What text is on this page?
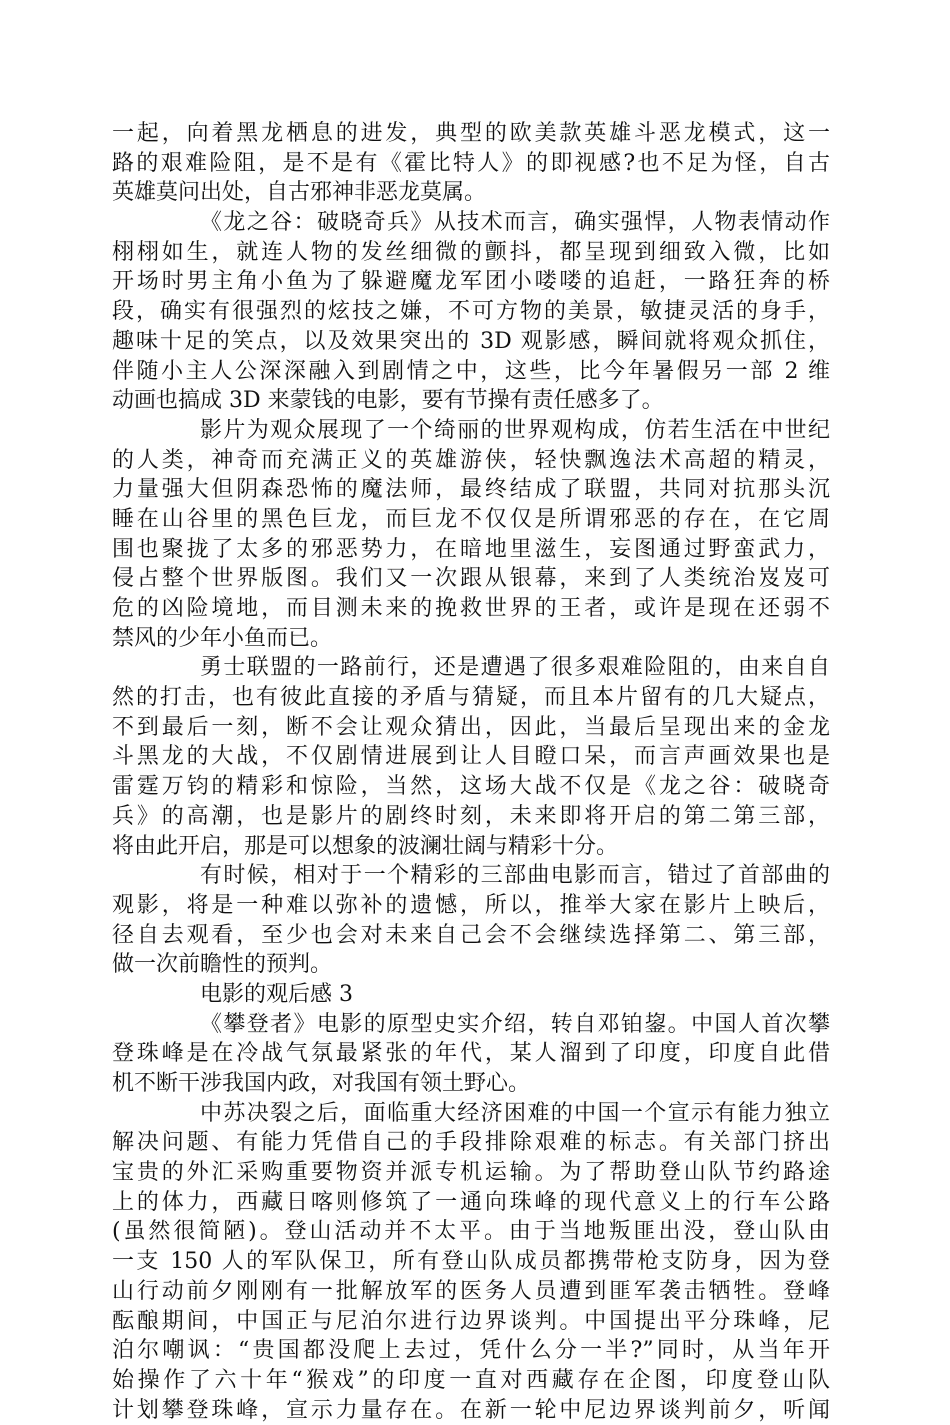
一起，向着黑龙栖息的进发，典型的欧美款英雄斗恶龙模式，这一
路的艰难险阻，是不是有《霍比特人》的即视感?也不足为怪，自古
英雄莫问出处，自古邪神非恶龙莫属。
《龙之谷：破晓奇兵》从技术而言，确实强悍，人物表情动作
栩栩如生，就连人物的发丝细微的颤抖，都呈现到细致入微，比如
开场时男主角小鱼为了躲避魔龙军团小喽喽的追赶，一路狂奔的桥
段，确实有很强烈的炫技之嫌，不可方物的美景，敏捷灵活的身手，
趣味十足的笑点，以及效果突出的 3D 观影感，瞬间就将观众抓住，
伴随小主人公深深融入到剧情之中，这些，比今年暑假另一部 2 维
动画也搞成 3D 来蒙钱的电影，要有节操有责任感多了。
影片为观众展现了一个绮丽的世界观构成，仿若生活在中世纪
的人类，神奇而充满正义的英雄游侠，轻快飘逸法术高超的精灵，
力量强大但阴森恐怖的魔法师，最终结成了联盟，共同对抗那头沉
睡在山谷里的黑色巨龙，而巨龙不仅仅是所谓邪恶的存在，在它周
围也聚拢了太多的邪恶势力，在暗地里滋生，妄图通过野蛮武力，
侵占整个世界版图。我们又一次跟从银幕，来到了人类统治岌岌可
危的凶险境地，而目测未来的挽救世界的王者，或许是现在还弱不
禁风的少年小鱼而已。
勇士联盟的一路前行，还是遭遇了很多艰难险阻的，由来自自
然的打击，也有彼此直接的矛盾与猜疑，而且本片留有的几大疑点，
不到最后一刻，断不会让观众猜出，因此，当最后呈现出来的金龙
斗黑龙的大战，不仅剧情进展到让人目瞪口呆，而言声画效果也是
雷霆万钧的精彩和惊险，当然，这场大战不仅是《龙之谷：破晓奇
兵》的高潮，也是影片的剧终时刻，未来即将开启的第二第三部，
将由此开启，那是可以想象的波澜壮阔与精彩十分。
有时候，相对于一个精彩的三部曲电影而言，错过了首部曲的
观影，将是一种难以弥补的遗憾，所以，推举大家在影片上映后，
径自去观看，至少也会对未来自己会不会继续选择第二、第三部，
做一次前瞻性的预判。
电影的观后感 3
《攀登者》电影的原型史实介绍，转自邓铂鋆。中国人首次攀
登珠峰是在冷战气氛最紧张的年代，某人溜到了印度，印度自此借
机不断干涉我国内政，对我国有领土野心。
中苏决裂之后，面临重大经济困难的中国一个宣示有能力独立
解决问题、有能力凭借自己的手段排除艰难的标志。有关部门挤出
宝贵的外汇采购重要物资并派专机运输。为了帮助登山队节约路途
上的体力，西藏日喀则修筑了一通向珠峰的现代意义上的行车公路
(虽然很简陋)。登山活动并不太平。由于当地叛匪出没，登山队由
一支 150 人的军队保卫，所有登山队成员都携带枪支防身，因为登
山行动前夕刚刚有一批解放军的医务人员遭到匪军袭击牺牲。登峰
酝酿期间，中国正与尼泊尔进行边界谈判。中国提出平分珠峰，尼
泊尔嘲讽：“贵国都没爬上去过，凭什么分一半?”同时，从当年开
始操作了六十年“猴戏”的印度一直对西藏存在企图，印度登山队
计划攀登珠峰，宣示力量存在。在新一轮中尼边界谈判前夕，听闻
